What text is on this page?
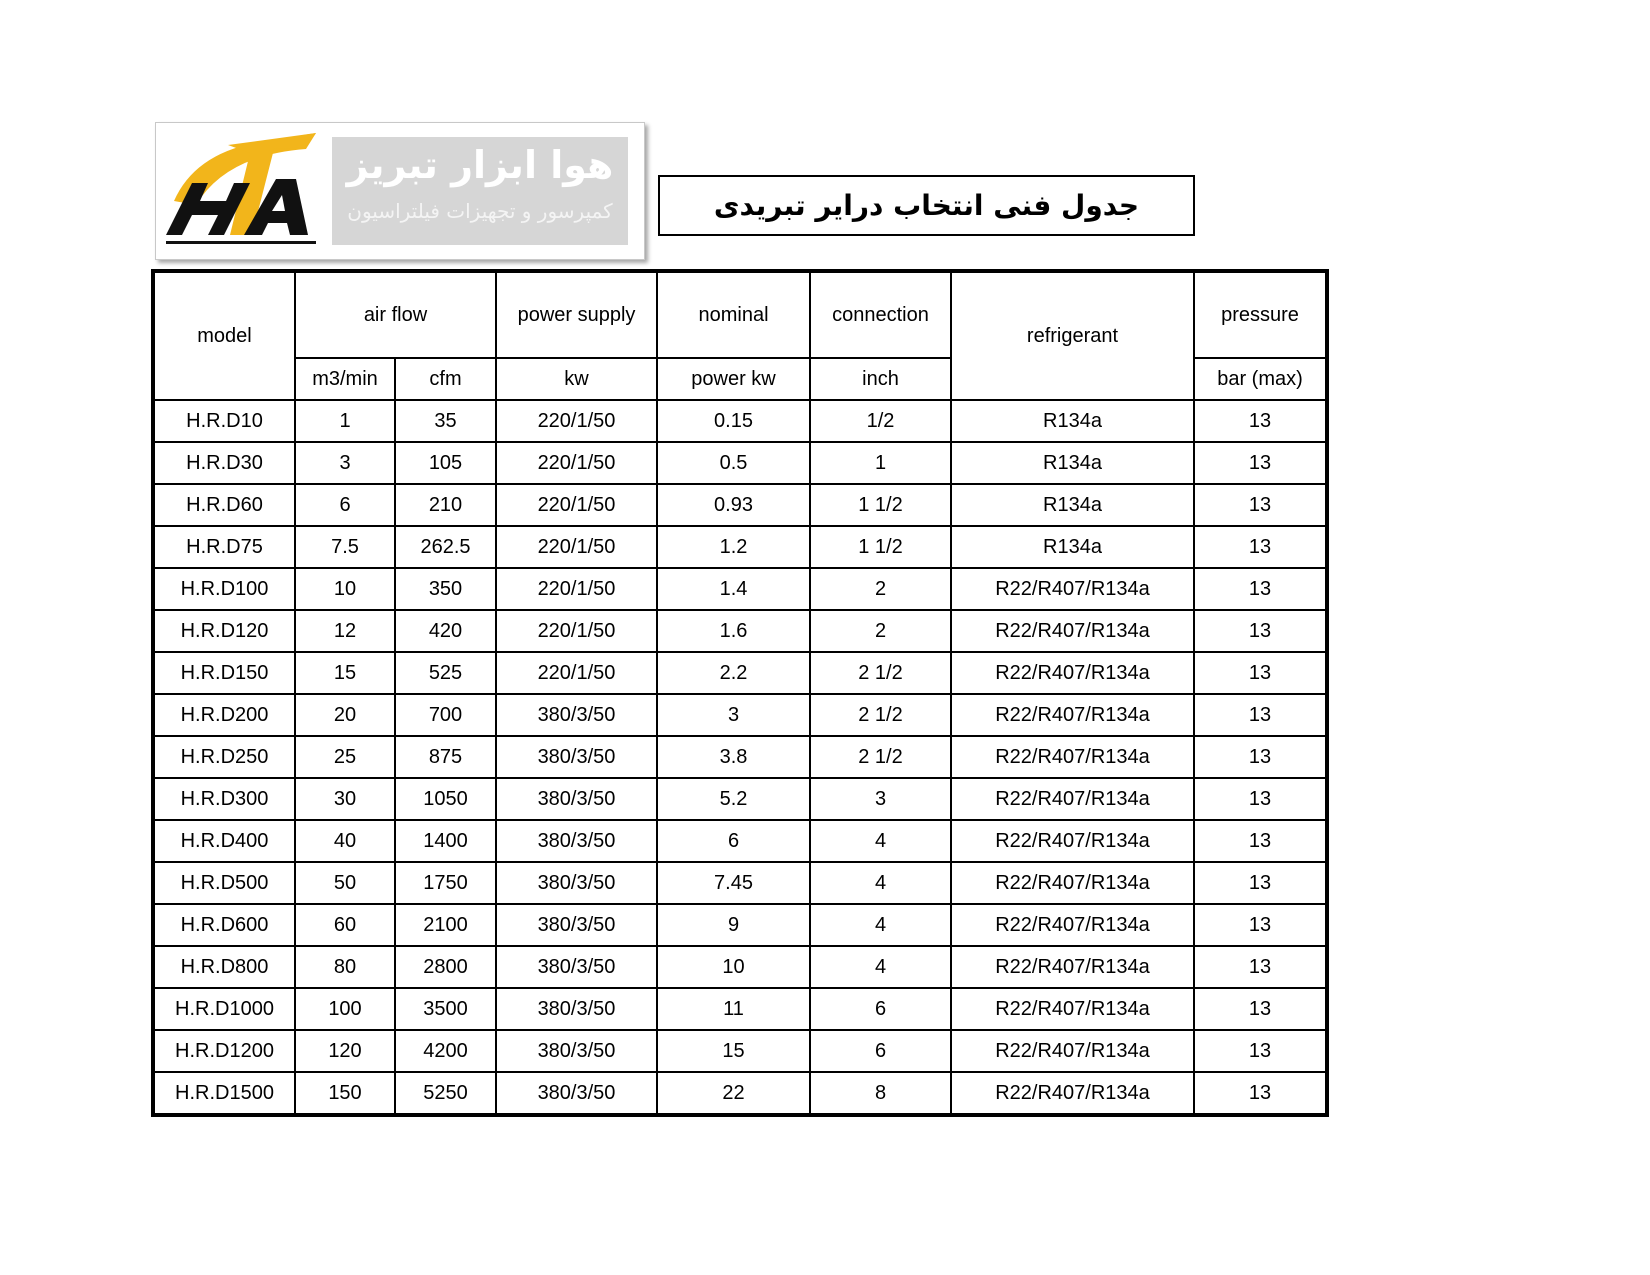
هوا ابزار تبریز
کمپرسور و تجهیزات فیلتراسیون	جدول فنی انتخاب درایر تبریدی
model	air flow		power supply	nominal	connection	refrigerant	pressure
	m3/min	cfm	kw	power kw	inch		bar (max)
H.R.D10	1	35	220/1/50	0.15	1/2	R134a	13
H.R.D30	3	105	220/1/50	0.5	1	R134a	13
H.R.D60	6	210	220/1/50	0.93	1 1/2	R134a	13
H.R.D75	7.5	262.5	220/1/50	1.2	1 1/2	R134a	13
H.R.D100	10	350	220/1/50	1.4	2	R22/R407/R134a	13
H.R.D120	12	420	220/1/50	1.6	2	R22/R407/R134a	13
H.R.D150	15	525	220/1/50	2.2	2 1/2	R22/R407/R134a	13
H.R.D200	20	700	380/3/50	3	2 1/2	R22/R407/R134a	13
H.R.D250	25	875	380/3/50	3.8	2 1/2	R22/R407/R134a	13
H.R.D300	30	1050	380/3/50	5.2	3	R22/R407/R134a	13
H.R.D400	40	1400	380/3/50	6	4	R22/R407/R134a	13
H.R.D500	50	1750	380/3/50	7.45	4	R22/R407/R134a	13
H.R.D600	60	2100	380/3/50	9	4	R22/R407/R134a	13
H.R.D800	80	2800	380/3/50	10	4	R22/R407/R134a	13
H.R.D1000	100	3500	380/3/50	11	6	R22/R407/R134a	13
H.R.D1200	120	4200	380/3/50	15	6	R22/R407/R134a	13
H.R.D1500	150	5250	380/3/50	22	8	R22/R407/R134a	13
